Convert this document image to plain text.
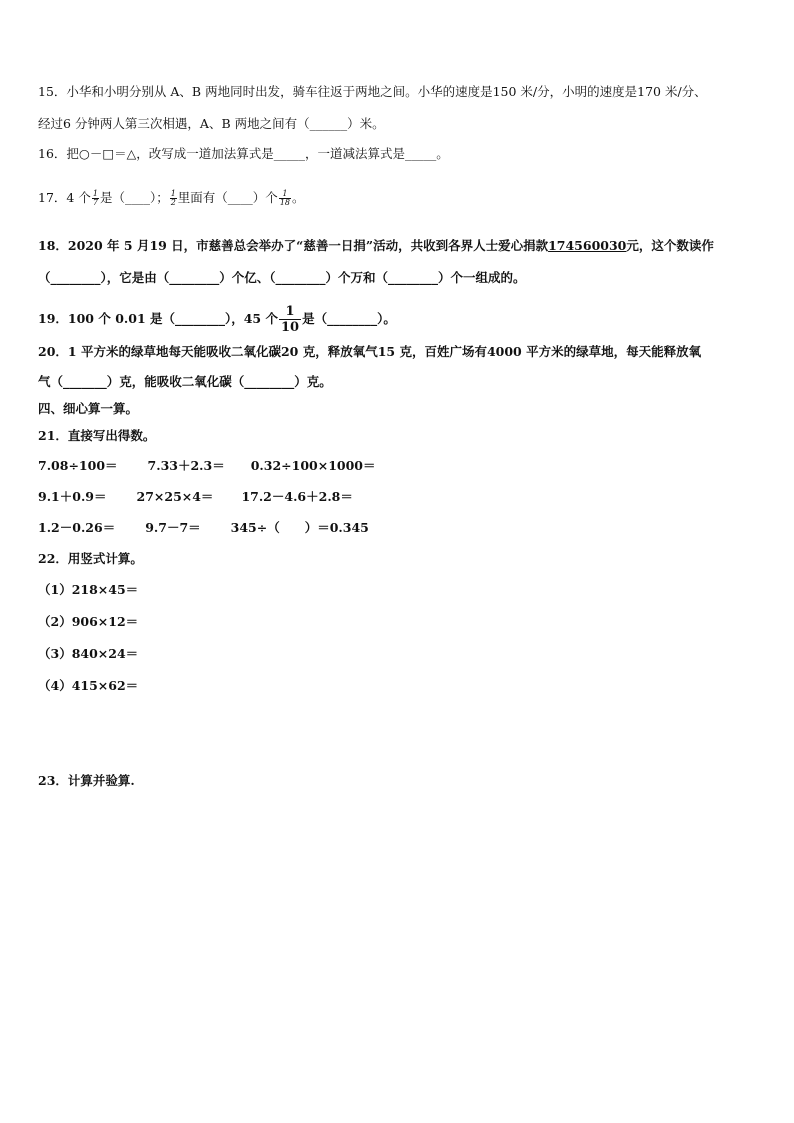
15．小华和小明分别从 A、B 两地同时出发，骑车往返于两地之间。小华的速度是150 米/分，小明的速度是170 米/分、
经过6 分钟两人第三次相遇，A、B 两地之间有（______）米。
16．把○－□＝△，改写成一道加法算式是_____，一道减法算式是_____。
17．4 个 $\frac{1}{7}$ 是（____）； $\frac{1}{2}$ 里面有（____）个 $\frac{1}{18}$ 。
18．2020 年 5 月19 日，市慈善总会举办了“慈善一日捐”活动，共收到各界人士爱心捐款174560030元，这个数读作
（________），它是由（________）个亿、（________）个万和（________）个一组成的。
19．100 个 0.01 是（________），45 个 $\frac{1}{10}$ 是（________）。
20．1 平方米的绿草地每天能吸收二氧化碳20 克，释放氧气15 克，百姓广场有4000 平方米的绿草地，每天能释放氧
气（_______）克，能吸收二氧化碳（________）克。
四、细心算一算。
21．直接写出得数。
7.08÷100＝ 7.33＋2.3＝ 0.32÷100×1000＝
9.1＋0.9＝ 27×25×4＝ 17.2－4.6＋2.8＝
1.2－0.26＝ 9.7－7＝ 345÷（　　）＝0.345
22．用竖式计算。
（1）218×45＝
（2）906×12＝
（3）840×24＝
（4）415×62＝
23．计算并验算.
